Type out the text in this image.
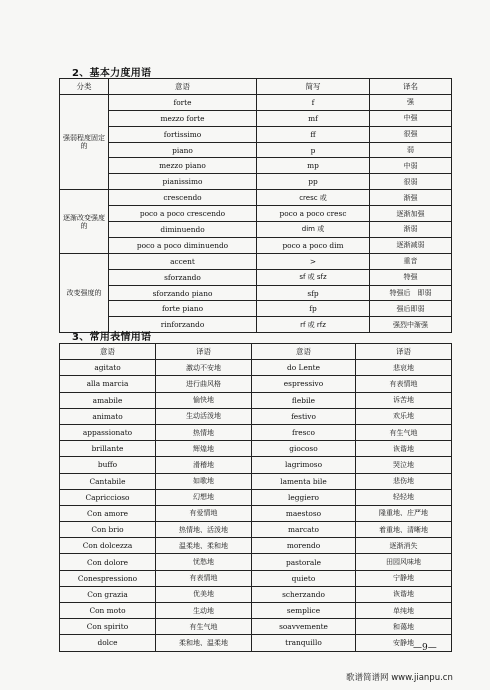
2、基本力度用语
分类	意语	简写	译名
强弱程度固定的	forte	f	强
	mezzo forte	mf	中强
	fortissimo	ff	很强
	piano	p	弱
	mezzo piano	mp	中弱
	pianissimo	pp	很弱
逐渐改变强度的	crescendo	cresc 或	渐强
	poco a poco crescendo	poco a poco cresc	逐渐加强
	diminuendo	dim 或	渐弱
	poco a poco diminuendo	poco a poco dim	逐渐减弱
改变强度的	accent	>	重音
	sforzando	sf 或 sfz	特强
	sforzando piano	sfp	特强后　即弱
	forte piano	fp	强后即弱
	rinforzando	rf 或 rfz	强烈中渐强
3、常用表情用语
意语	译语	意语	译语
agitato	激动不安地	do Lente	悲哀地
alla marcia	进行曲风格	espressivo	有表情地
amabile	愉快地	flebile	诉苦地
animato	生动活泼地	festivo	欢乐地
appassionato	热情地	fresco	有生气地
brillante	辉煌地	giocoso	诙谐地
buffo	滑稽地	lagrimoso	哭泣地
Cantabile	如歌地	lamenta bile	悲伤地
Capriccioso	幻想地	leggiero	轻轻地
Con amore	有爱情地	maestoso	隆重地、庄严地
Con brio	热情地、活泼地	marcato	着重地、清晰地
Con dolcezza	温柔地、柔和地	morendo	逐渐消失
Con dolore	忧愁地	pastorale	田园风味地
Conespressiono	有表情地	quieto	宁静地
Con grazia	优美地	scherzando	诙谐地
Con moto	生动地	semplice	单纯地
Con spirito	有生气地	soavvemente	和蔼地
dolce	柔和地、温柔地	tranquillo	安静地
—9—
歌谱简谱网 www.jianpu.cn
